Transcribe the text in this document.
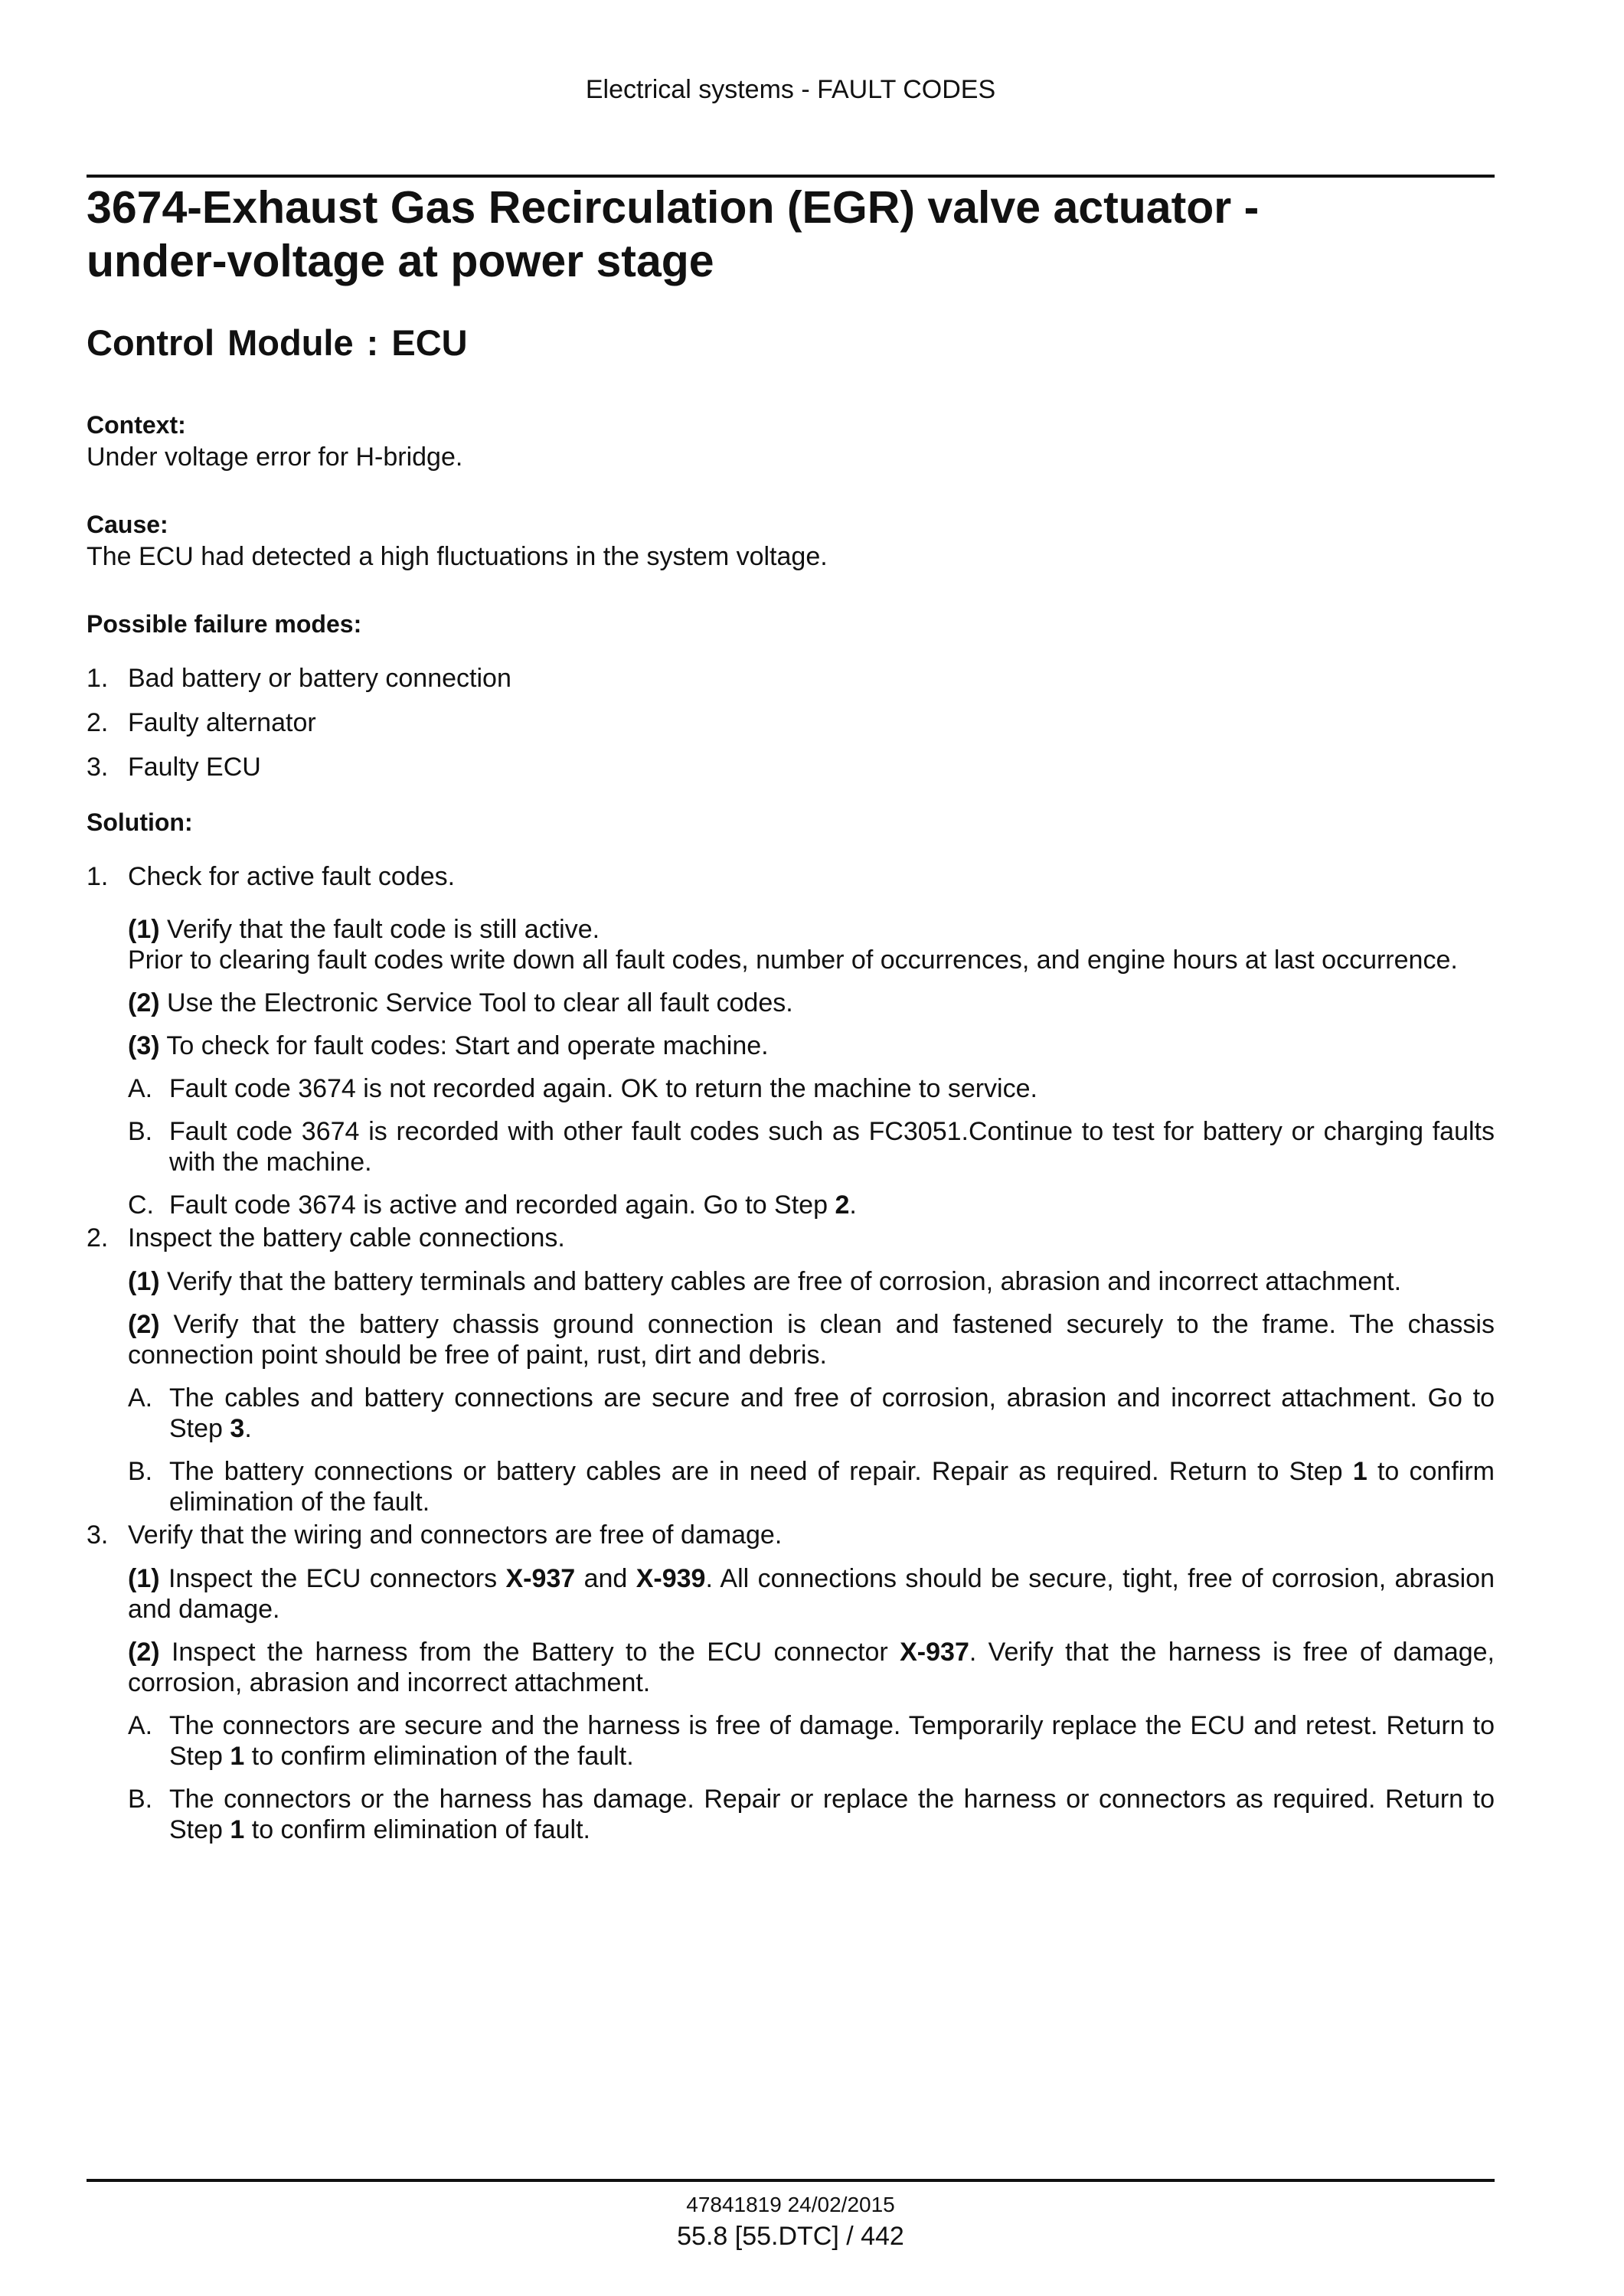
Electrical systems - FAULT CODES
3674-Exhaust Gas Recirculation (EGR) valve actuator -
under-voltage at power stage
Control Module : ECU

Context:

Under voltage error for H-bridge.

Cause:

The ECU had detected a high fluctuations in the system voltage.

Possible failure modes:

1. Bad battery or battery connection
2. Faulty alternator
3. Faulty ECU

Solution:

1. Check for active fault codes.
(1) Verify that the fault code is still active.
Prior to clearing fault codes write down all fault codes, number of occurrences, and engine hours at last occurrence.
(2) Use the Electronic Service Tool to clear all fault codes.
(3) To check for fault codes: Start and operate machine.
A. Fault code 3674 is not recorded again. OK to return the machine to service.
B. Fault code 3674 is recorded with other fault codes such as FC3051.Continue to test for battery or charging faults with the machine.
C. Fault code 3674 is active and recorded again. Go to Step 2.
2. Inspect the battery cable connections.
(1) Verify that the battery terminals and battery cables are free of corrosion, abrasion and incorrect attachment.
(2) Verify that the battery chassis ground connection is clean and fastened securely to the frame. The chassis connection point should be free of paint, rust, dirt and debris.
A. The cables and battery connections are secure and free of corrosion, abrasion and incorrect attachment. Go to Step 3.
B. The battery connections or battery cables are in need of repair. Repair as required. Return to Step 1 to confirm elimination of the fault.
3. Verify that the wiring and connectors are free of damage.
(1) Inspect the ECU connectors X-937 and X-939. All connections should be secure, tight, free of corrosion, abrasion and damage.
(2) Inspect the harness from the Battery to the ECU connector X-937. Verify that the harness is free of damage, corrosion, abrasion and incorrect attachment.
A. The connectors are secure and the harness is free of damage. Temporarily replace the ECU and retest. Return to Step 1 to confirm elimination of the fault.
B. The connectors or the harness has damage. Repair or replace the harness or connectors as required. Return to Step 1 to confirm elimination of fault.
47841819 24/02/2015
55.8 [55.DTC] / 442
